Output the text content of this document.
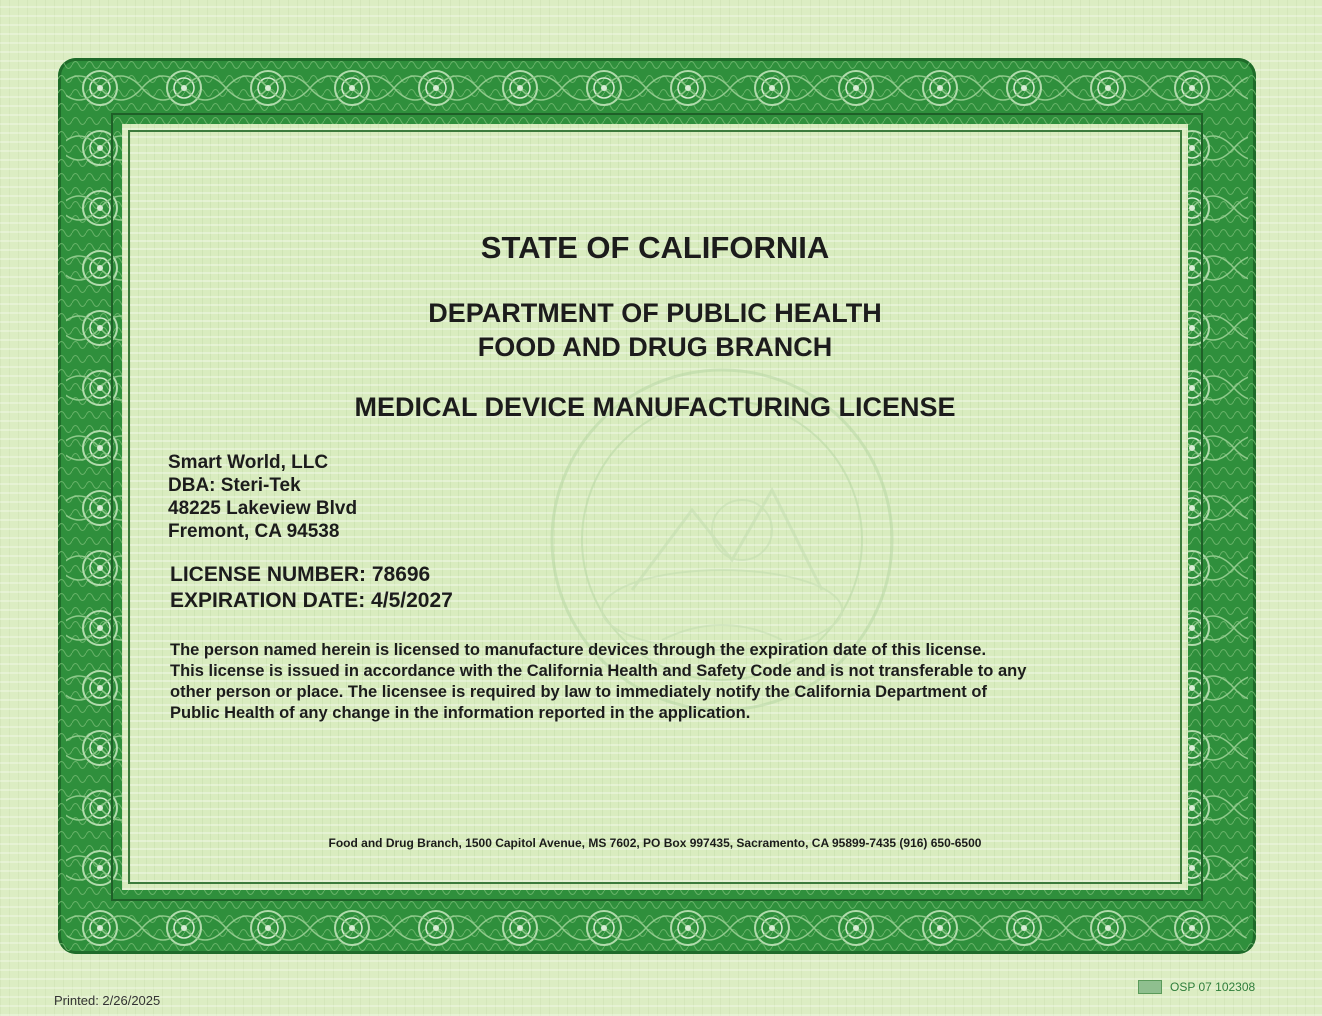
STATE OF CALIFORNIA
DEPARTMENT OF PUBLIC HEALTH
FOOD AND DRUG BRANCH
MEDICAL DEVICE MANUFACTURING LICENSE
Smart World, LLC
DBA: Steri-Tek
48225 Lakeview Blvd
Fremont, CA 94538
LICENSE NUMBER: 78696
EXPIRATION DATE: 4/5/2027
The person named herein is licensed to manufacture devices through the expiration date of this license.
This license is issued in accordance with the California Health and Safety Code and is not transferable to any
other person or place. The licensee is required by law to immediately notify the California Department of
Public Health of any change in the information reported in the application.
Food and Drug Branch, 1500 Capitol Avenue, MS 7602, PO Box 997435, Sacramento, CA 95899-7435 (916) 650-6500
Printed: 2/26/2025
OSP 07 102308
